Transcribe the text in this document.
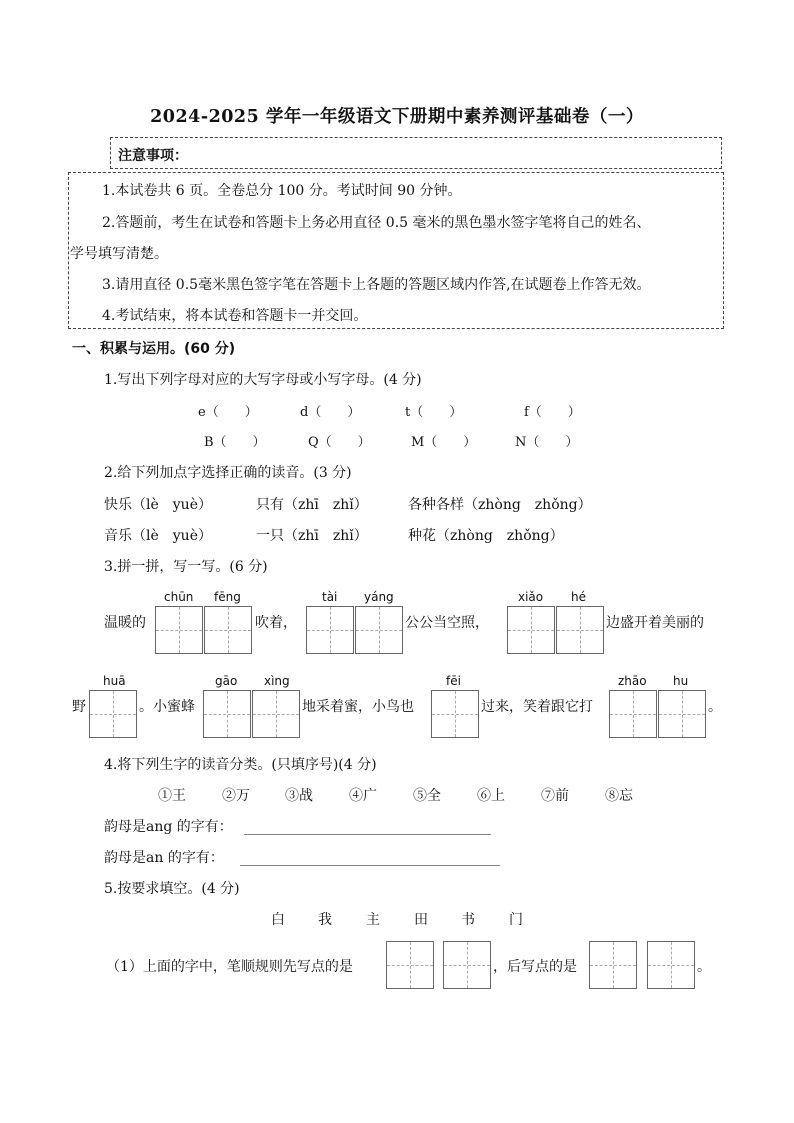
2024-2025 学年一年级语文下册期中素养测评基础卷（一）
注意事项：
1.本试卷共 6 页。全卷总分 100 分。考试时间 90 分钟。
2.答题前，考生在试卷和答题卡上务必用直径 0.5 毫米的黑色墨水签字笔将自己的姓名、
学号填写清楚。
3.请用直径 0.5毫米黑色签字笔在答题卡上各题的答题区域内作答,在试题卷上作答无效。
4.考试结束，将本试卷和答题卡一并交回。
一、积累与运用。(60 分)
1.写出下列字母对应的大写字母或小写字母。(4 分)
e（　　）	d（　　）	t（　　）	f（　　）
B（　　）	Q（　　）	M（　　）	N（　　）
2.给下列加点字选择正确的读音。(3 分)
快乐（lè　yuè）	只有（zhī　zhǐ）	各种各样（zhòng　zhǒng）
音乐（lè　yuè）	一只（zhī　zhǐ）	种花（zhòng　zhǒng）
3.拼一拼，写一写。(6 分)
chūn fēng	tài yáng	xiǎo hé
温暖的	吹着，	公公当空照，	边盛开着美丽的
huā	gāo xìng	fēi	zhāo hu
野	。小蜜蜂	地采着蜜，小鸟也	过来，笑着跟它打	。
4.将下列生字的读音分类。(只填序号)(4 分)
①王	②万	③战	④广	⑤全	⑥上	⑦前	⑧忘
韵母是ang 的字有： ＿＿＿＿＿＿＿＿＿＿＿＿＿＿＿＿＿＿＿
韵母是an 的字有： ＿＿＿＿＿＿＿＿＿＿＿＿＿＿＿＿＿＿＿＿
5.按要求填空。(4 分)
白 我 主 田 书 门
（1）上面的字中，笔顺规则先写点的是	，后写点的是	。
